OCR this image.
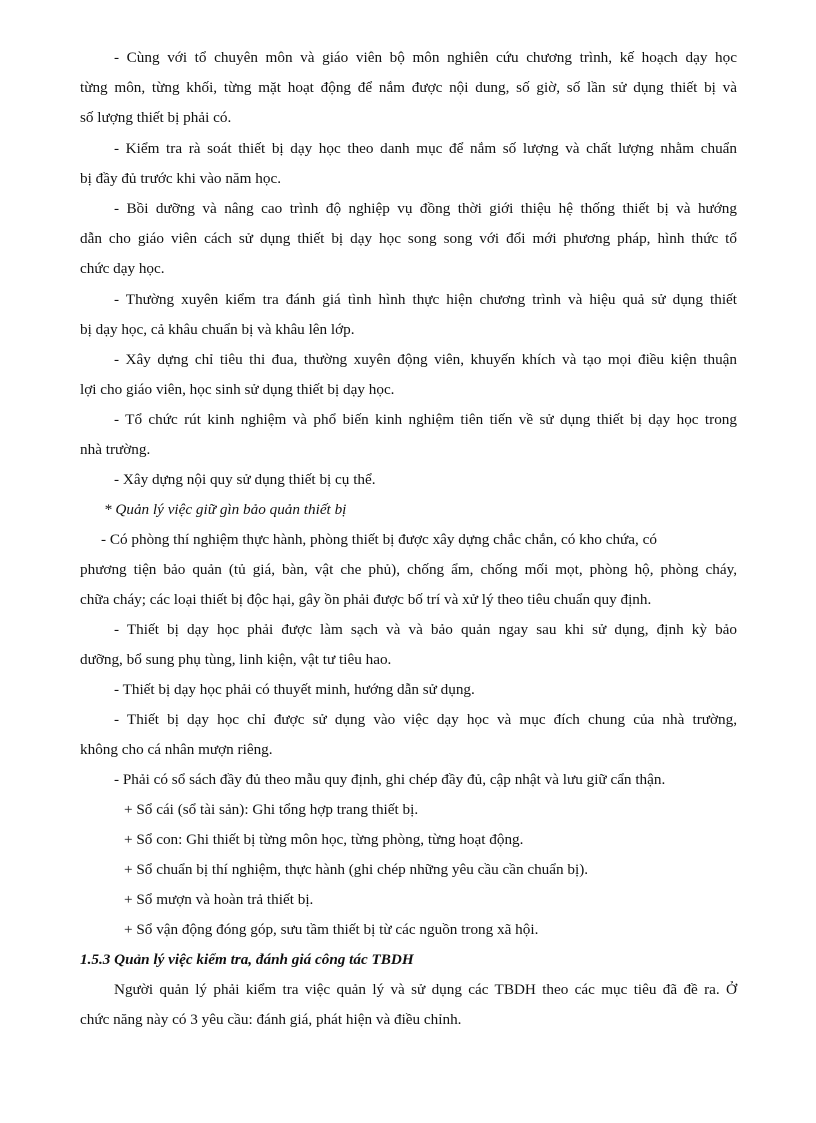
- Cùng với tổ chuyên môn và giáo viên bộ môn nghiên cứu chương trình, kế hoạch dạy học
từng môn, từng khối, từng mặt hoạt động để nắm được nội dung, số giờ, số lần sử dụng thiết bị và
số lượng thiết bị phải có.
- Kiểm tra rà soát thiết bị dạy học theo danh mục để nắm số lượng và chất lượng nhằm chuẩn
bị đầy đủ trước khi vào năm học.
- Bồi dưỡng và nâng cao trình độ nghiệp vụ đồng thời giới thiệu hệ thống thiết bị và hướng
dẫn cho giáo viên cách sử dụng thiết bị dạy học song song với đổi mới phương pháp, hình thức tổ
chức dạy học.
- Thường xuyên kiểm tra đánh giá tình hình thực hiện chương trình và hiệu quả sử dụng thiết
bị dạy học, cả khâu chuẩn bị và khâu lên lớp.
- Xây dựng chỉ tiêu thi đua, thường xuyên động viên, khuyến khích và tạo mọi điều kiện thuận
lợi cho giáo viên, học sinh sử dụng thiết bị dạy học.
- Tổ chức rút kinh nghiệm và phổ biến kinh nghiệm tiên tiến về sử dụng thiết bị dạy học trong
nhà trường.
- Xây dựng nội quy sử dụng thiết bị cụ thể.
* Quản lý việc giữ gìn bảo quản thiết bị
- Có phòng thí nghiệm thực hành, phòng thiết bị được xây dựng chắc chắn, có kho chứa, có
phương tiện bảo quản (tủ giá, bàn, vật che phủ), chống ẩm, chống mối mọt, phòng hộ, phòng cháy,
chữa cháy; các loại thiết bị độc hại, gây ồn phải được bố trí và xử lý theo tiêu chuẩn quy định.
- Thiết bị dạy học phải được làm sạch và và bảo quản ngay sau khi sử dụng, định kỳ bảo
dưỡng, bổ sung phụ tùng, linh kiện, vật tư tiêu hao.
- Thiết bị dạy học phải có thuyết minh, hướng dẫn sử dụng.
- Thiết bị dạy học chỉ được sử dụng vào việc dạy học và mục đích chung của nhà trường,
không cho cá nhân mượn riêng.
- Phải có sổ sách đầy đủ theo mẫu quy định, ghi chép đầy đủ, cập nhật và lưu giữ cẩn thận.
+ Sổ cái (sổ tài sản): Ghi tổng hợp trang thiết bị.
+ Sổ con: Ghi thiết bị từng môn học, từng phòng, từng hoạt động.
+ Sổ chuẩn bị thí nghiệm, thực hành (ghi chép những yêu cầu cần chuẩn bị).
+ Sổ mượn và hoàn trả thiết bị.
+ Sổ vận động đóng góp, sưu tầm thiết bị từ các nguồn trong xã hội.
1.5.3 Quản lý việc kiểm tra, đánh giá công tác TBDH
Người quản lý phải kiểm tra việc quản lý và sử dụng các TBDH theo các mục tiêu đã đề ra. Ở
chức năng này có 3 yêu cầu: đánh giá, phát hiện và điều chỉnh.
